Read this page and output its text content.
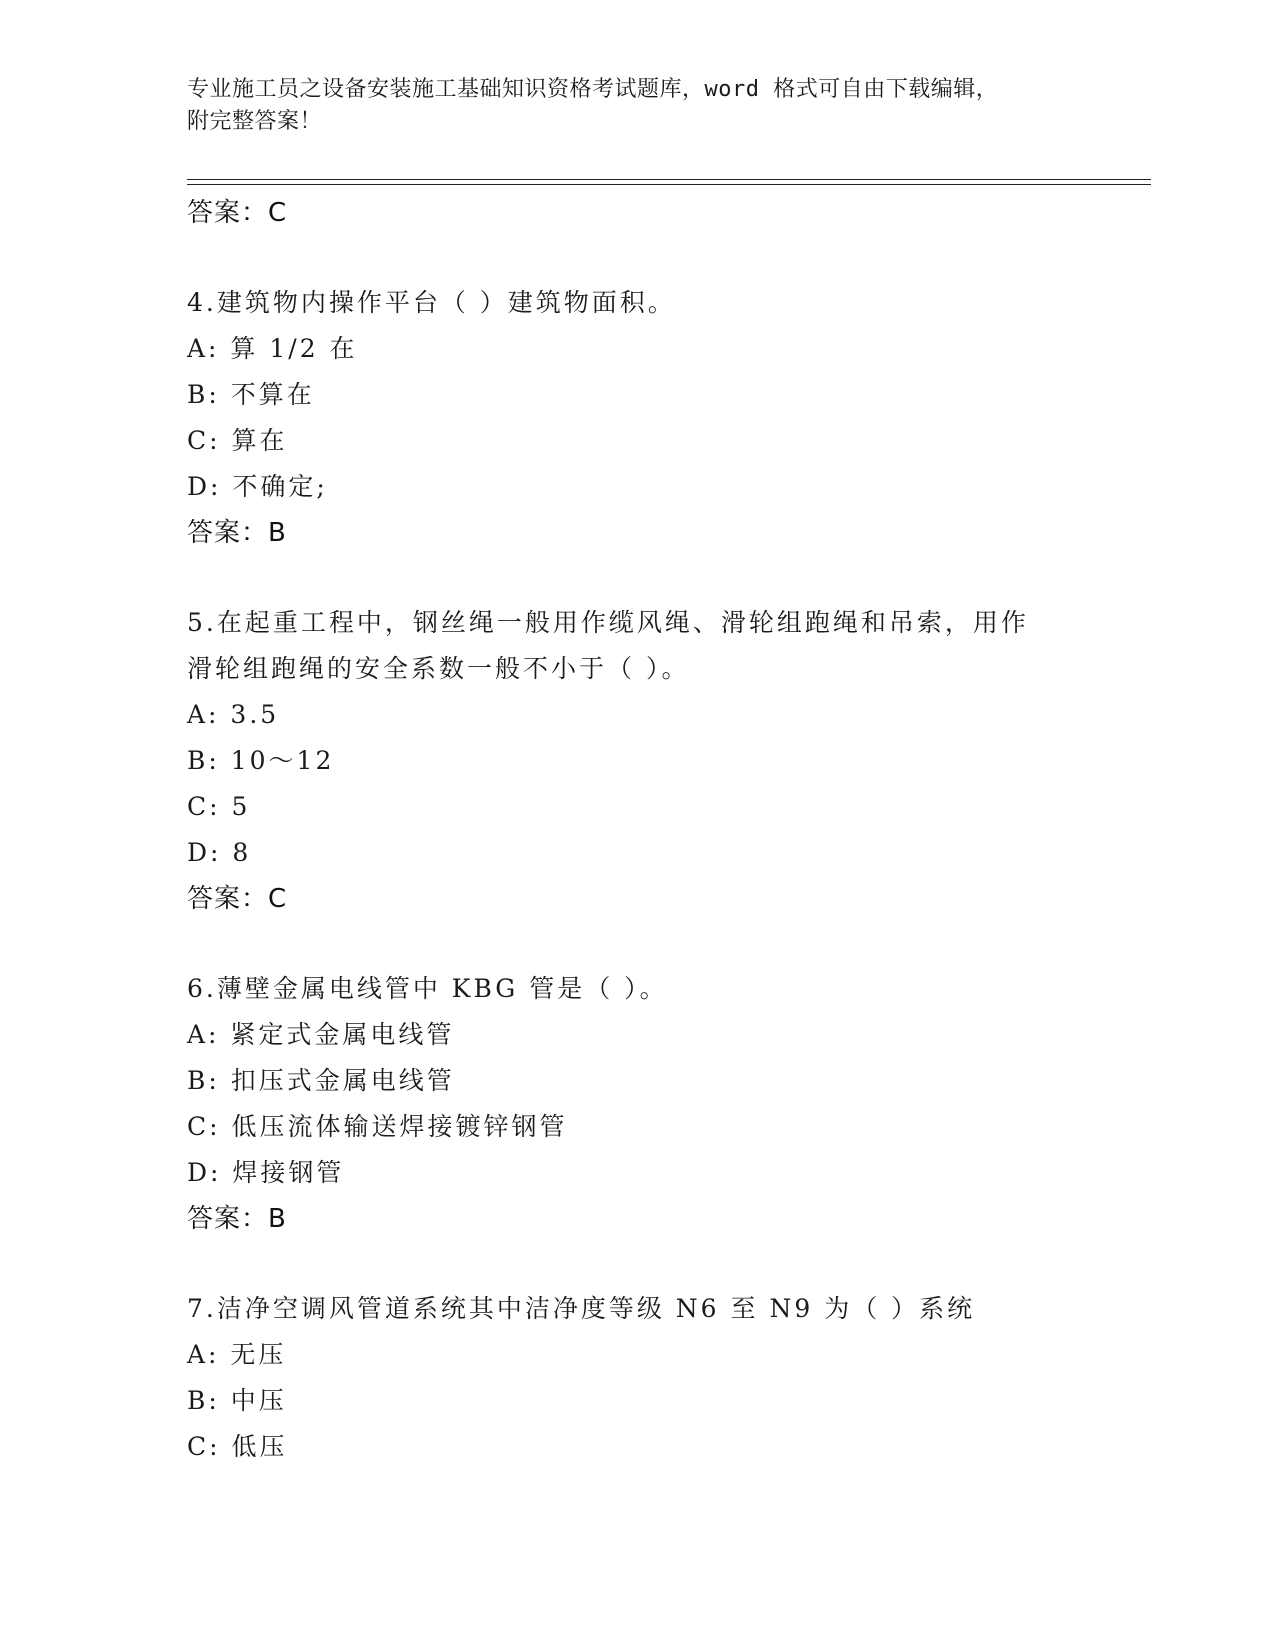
专业施工员之设备安装施工基础知识资格考试题库，word 格式可自由下载编辑，
附完整答案！
答案：C
4.建筑物内操作平台（ ）建筑物面积。
A: 算 1/2 在
B: 不算在
C: 算在
D: 不确定;
答案：B
5.在起重工程中，钢丝绳一般用作缆风绳、滑轮组跑绳和吊索，用作
滑轮组跑绳的安全系数一般不小于（ ）。
A: 3.5
B: 10～12
C: 5
D: 8
答案：C
6.薄壁金属电线管中 KBG 管是（ ）。
A: 紧定式金属电线管
B: 扣压式金属电线管
C: 低压流体输送焊接镀锌钢管
D: 焊接钢管
答案：B
7.洁净空调风管道系统其中洁净度等级 N6 至 N9 为（ ）系统
A: 无压
B: 中压
C: 低压
